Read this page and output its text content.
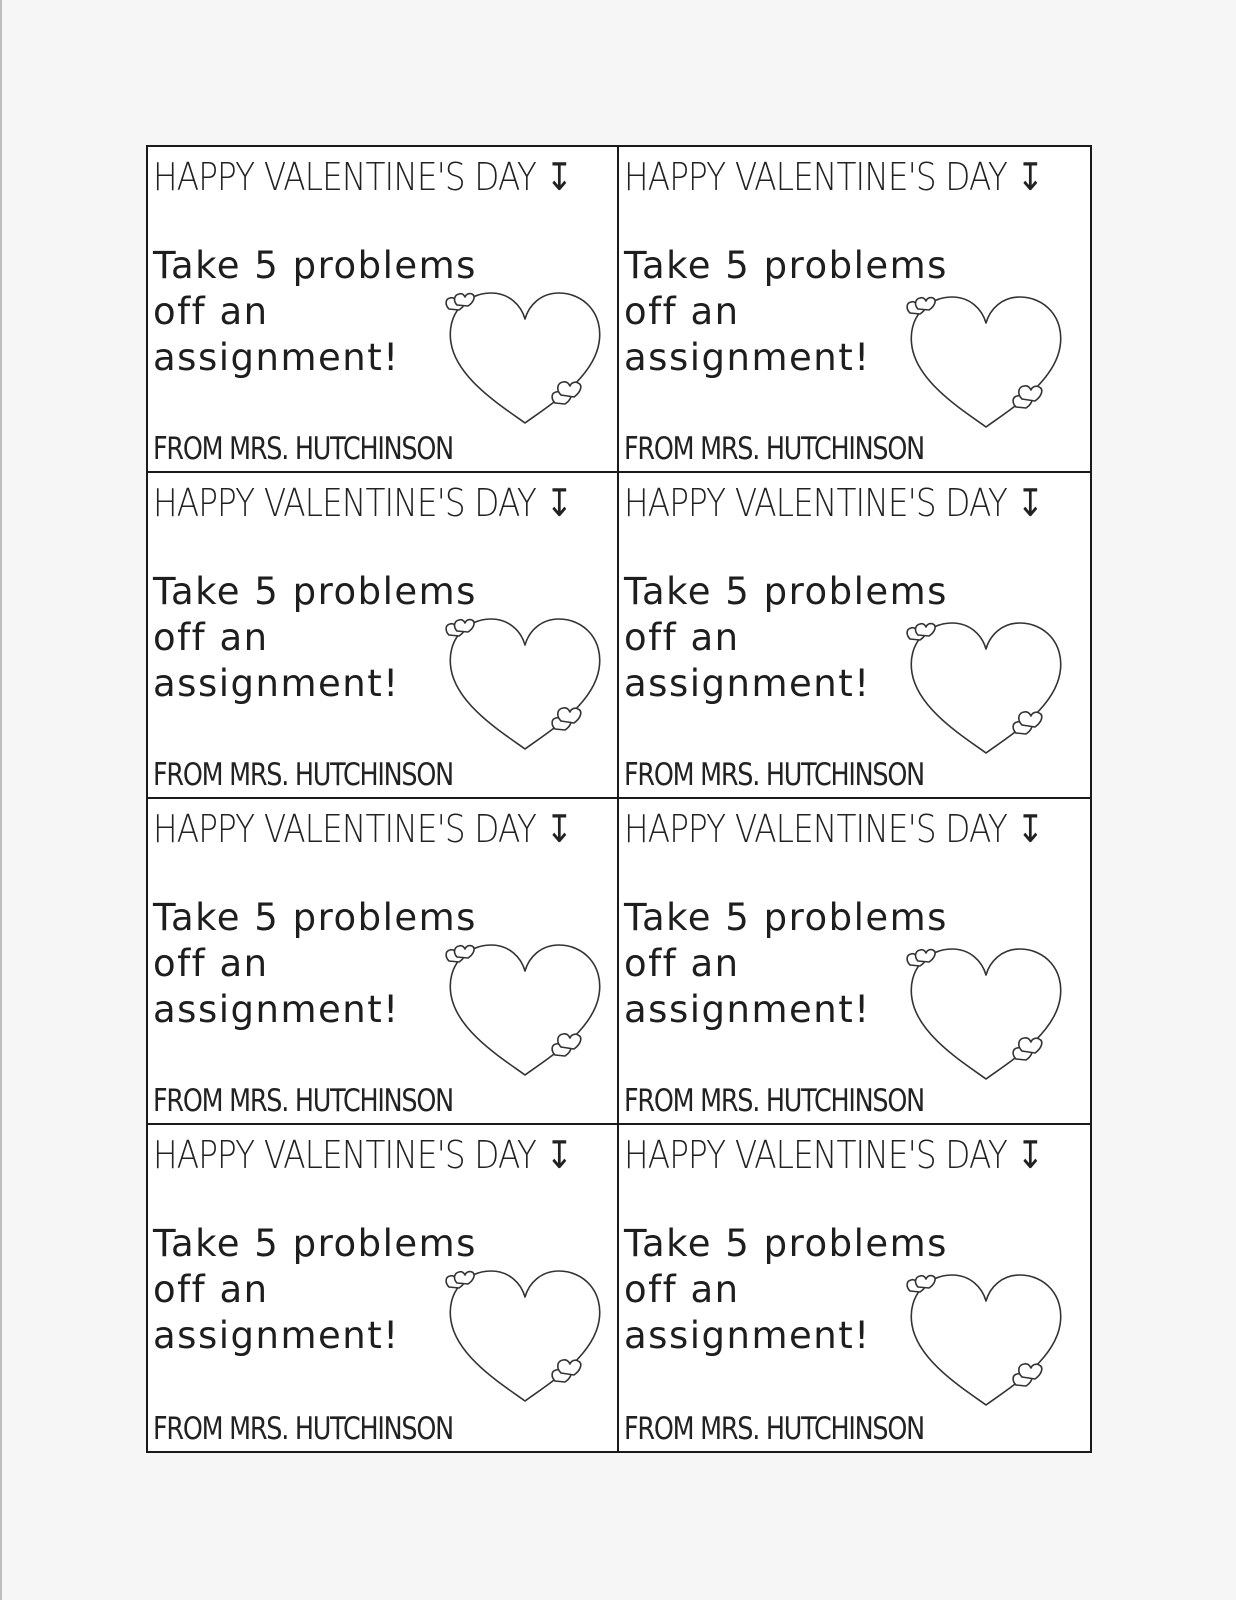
HAPPY VALENTINE'S DAY ↧
Take 5 problems
off an
assignment!
FROM MRS. HUTCHINSON
HAPPY VALENTINE'S DAY ↧
Take 5 problems
off an
assignment!
FROM MRS. HUTCHINSON
HAPPY VALENTINE'S DAY ↧
Take 5 problems
off an
assignment!
FROM MRS. HUTCHINSON
HAPPY VALENTINE'S DAY ↧
Take 5 problems
off an
assignment!
FROM MRS. HUTCHINSON
HAPPY VALENTINE'S DAY ↧
Take 5 problems
off an
assignment!
FROM MRS. HUTCHINSON
HAPPY VALENTINE'S DAY ↧
Take 5 problems
off an
assignment!
FROM MRS. HUTCHINSON
HAPPY VALENTINE'S DAY ↧
Take 5 problems
off an
assignment!
FROM MRS. HUTCHINSON
HAPPY VALENTINE'S DAY ↧
Take 5 problems
off an
assignment!
FROM MRS. HUTCHINSON
